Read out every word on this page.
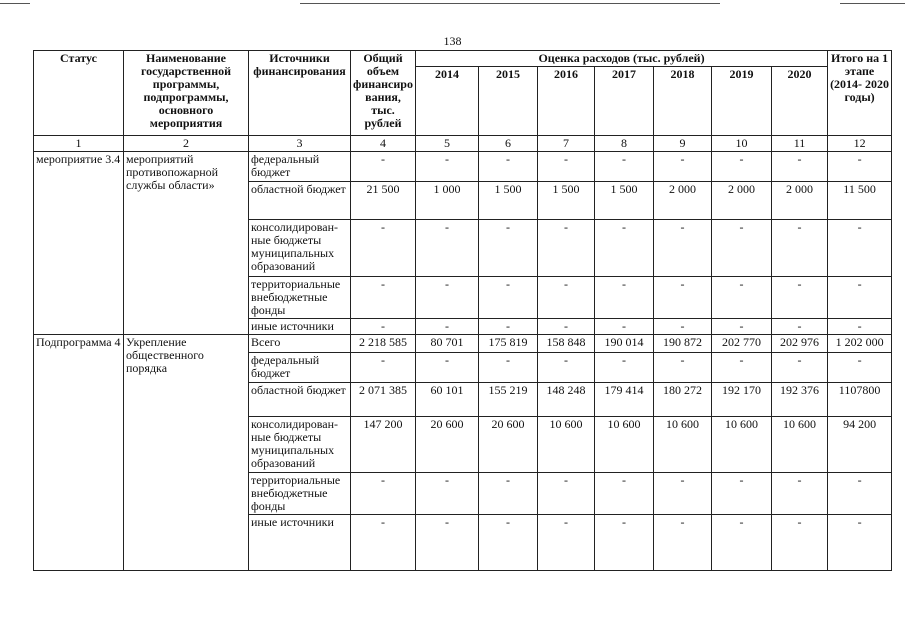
138
Статус	Наименование государственной программы, подпрограммы, основного мероприятия	Источники финансирования	Общий объем финансиро вания, тыс. рублей	Оценка расходов (тыс. рублей)							Итого на 1 этапе (2014- 2020 годы)
				2014	2015	2016	2017	2018	2019	2020	
1	2	3	4	5	6	7	8	9	10	11	12
мероприятие 3.4	мероприятий противопожарной службы области»	федеральный бюджет	-	-	-	-	-	-	-	-	-
		областной бюджет	21 500	1 000	1 500	1 500	1 500	2 000	2 000	2 000	11 500
		консолидирован- ные бюджеты муниципальных образований	-	-	-	-	-	-	-	-	-
		территориальные внебюджетные фонды	-	-	-	-	-	-	-	-	-
		иные источники	-	-	-	-	-	-	-	-	-
Подпрограмма 4	Укрепление общественного порядка	Всего	2 218 585	80 701	175 819	158 848	190 014	190 872	202 770	202 976	1 202 000
		федеральный бюджет	-	-	-	-	-	-	-	-	-
		областной бюджет	2 071 385	60 101	155 219	148 248	179 414	180 272	192 170	192 376	1107800
		консолидирован- ные бюджеты муниципальных образований	147 200	20 600	20 600	10 600	10 600	10 600	10 600	10 600	94 200
		территориальные внебюджетные фонды	-	-	-	-	-	-	-	-	-
		иные источники	-	-	-	-	-	-	-	-	-
